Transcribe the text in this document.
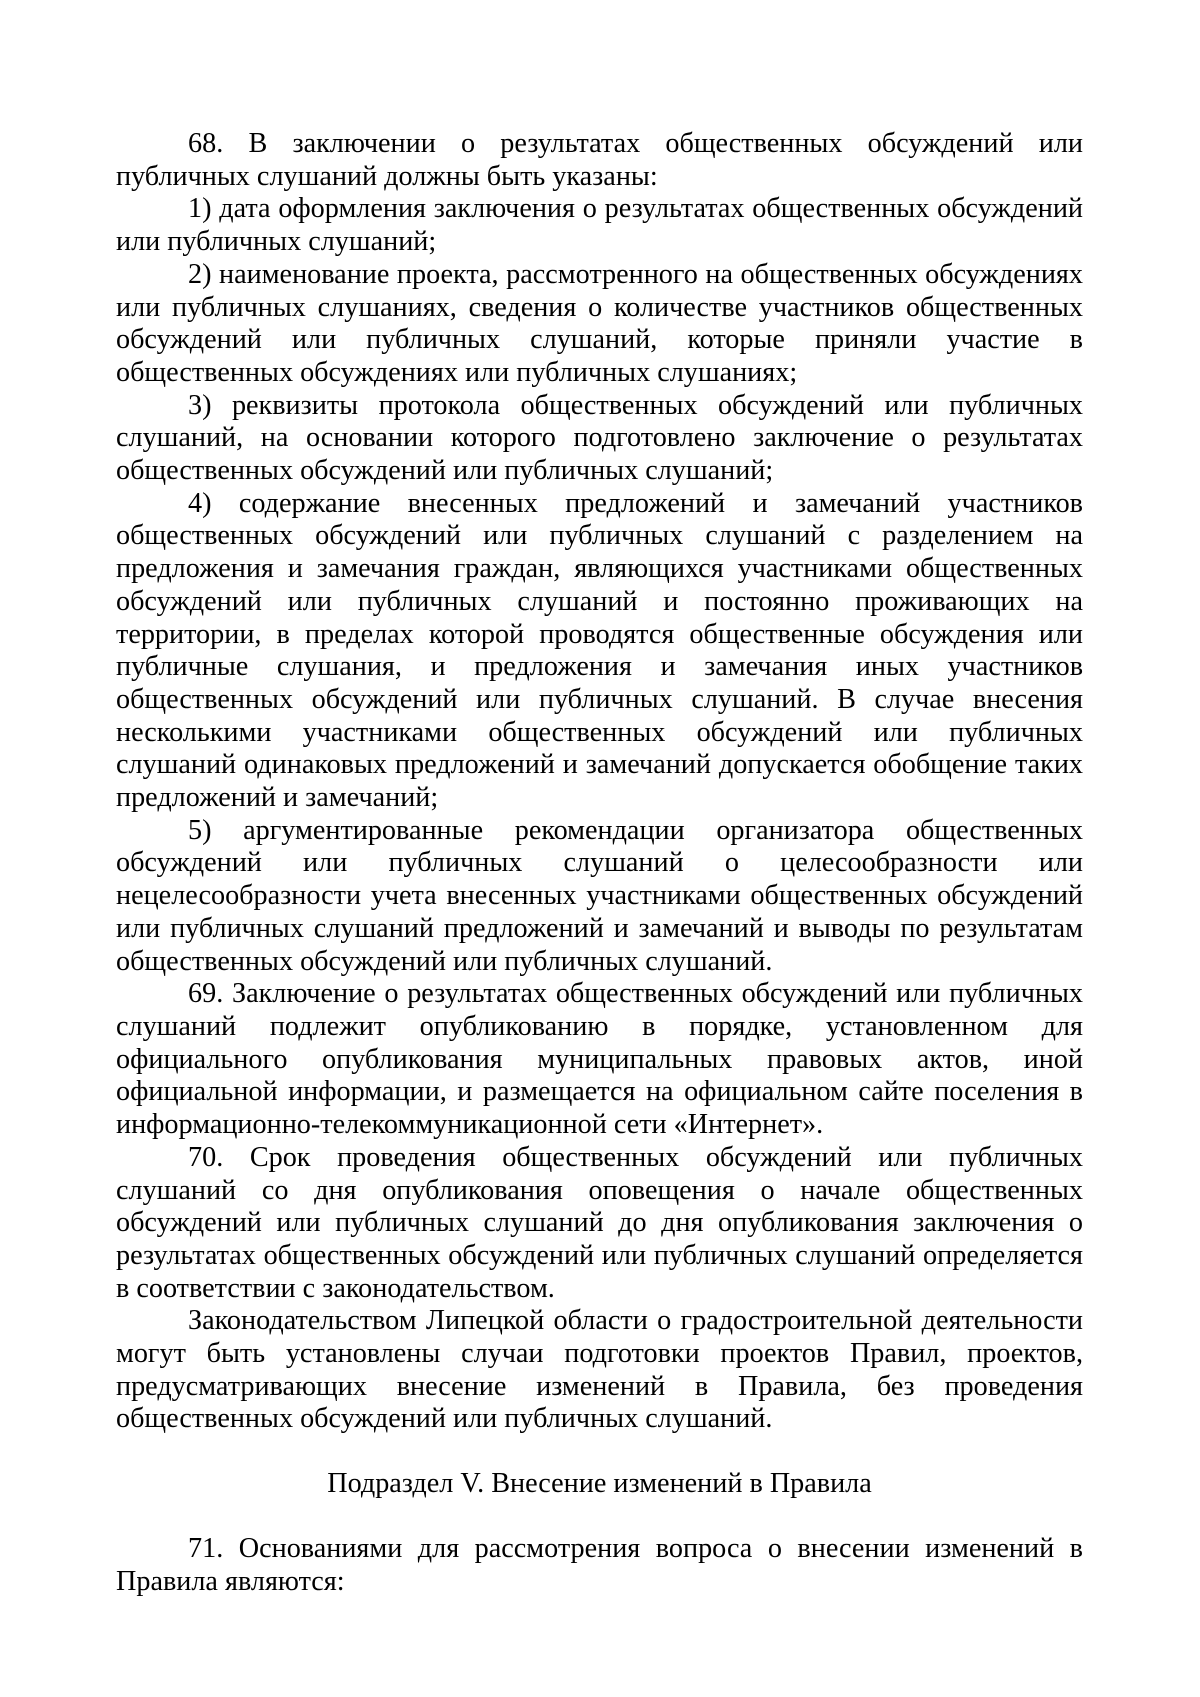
68. В заключении о результатах общественных обсуждений или публичных слушаний должны быть указаны:

1) дата оформления заключения о результатах общественных обсуждений или публичных слушаний;

2) наименование проекта, рассмотренного на общественных обсуждениях или публичных слушаниях, сведения о количестве участников общественных обсуждений или публичных слушаний, которые приняли участие в общественных обсуждениях или публичных слушаниях;

3) реквизиты протокола общественных обсуждений или публичных слушаний, на основании которого подготовлено заключение о результатах общественных обсуждений или публичных слушаний;

4) содержание внесенных предложений и замечаний участников общественных обсуждений или публичных слушаний с разделением на предложения и замечания граждан, являющихся участниками общественных обсуждений или публичных слушаний и постоянно проживающих на территории, в пределах которой проводятся общественные обсуждения или публичные слушания, и предложения и замечания иных участников общественных обсуждений или публичных слушаний. В случае внесения несколькими участниками общественных обсуждений или публичных слушаний одинаковых предложений и замечаний допускается обобщение таких предложений и замечаний;

5) аргументированные рекомендации организатора общественных обсуждений или публичных слушаний о целесообразности или нецелесообразности учета внесенных участниками общественных обсуждений или публичных слушаний предложений и замечаний и выводы по результатам общественных обсуждений или публичных слушаний.

69. Заключение о результатах общественных обсуждений или публичных слушаний подлежит опубликованию в порядке, установленном для официального опубликования муниципальных правовых актов, иной официальной информации, и размещается на официальном сайте поселения в информационно-телекоммуникационной сети «Интернет».

70. Срок проведения общественных обсуждений или публичных слушаний со дня опубликования оповещения о начале общественных обсуждений или публичных слушаний до дня опубликования заключения о результатах общественных обсуждений или публичных слушаний определяется в соответствии с законодательством.

Законодательством Липецкой области о градостроительной деятельности могут быть установлены случаи подготовки проектов Правил, проектов, предусматривающих внесение изменений в Правила, без проведения общественных обсуждений или публичных слушаний.

Подраздел V. Внесение изменений в Правила

71. Основаниями для рассмотрения вопроса о внесении изменений в Правила являются:
